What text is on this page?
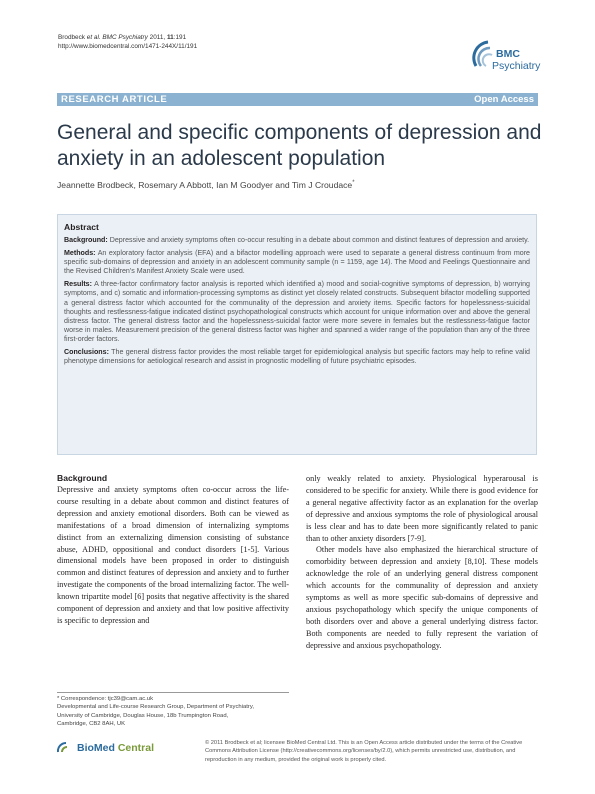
Brodbeck et al. BMC Psychiatry 2011, 11:191
http://www.biomedcentral.com/1471-244X/11/191
BMC
Psychiatry
RESEARCH ARTICLE	Open Access
General and specific components of depression and anxiety in an adolescent population
Jeannette Brodbeck, Rosemary A Abbott, Ian M Goodyer and Tim J Croudace*
Abstract

Background: Depressive and anxiety symptoms often co-occur resulting in a debate about common and distinct features of depression and anxiety.

Methods: An exploratory factor analysis (EFA) and a bifactor modelling approach were used to separate a general distress continuum from more specific sub-domains of depression and anxiety in an adolescent community sample (n = 1159, age 14). The Mood and Feelings Questionnaire and the Revised Children's Manifest Anxiety Scale were used.

Results: A three-factor confirmatory factor analysis is reported which identified a) mood and social-cognitive symptoms of depression, b) worrying symptoms, and c) somatic and information-processing symptoms as distinct yet closely related constructs. Subsequent bifactor modelling supported a general distress factor which accounted for the communality of the depression and anxiety items. Specific factors for hopelessness-suicidal thoughts and restlessness-fatigue indicated distinct psychopathological constructs which account for unique information over and above the general distress factor. The general distress factor and the hopelessness-suicidal factor were more severe in females but the restlessness-fatigue factor worse in males. Measurement precision of the general distress factor was higher and spanned a wider range of the population than any of the three first-order factors.

Conclusions: The general distress factor provides the most reliable target for epidemiological analysis but specific factors may help to refine valid phenotype dimensions for aetiological research and assist in prognostic modelling of future psychiatric episodes.

Background

Depressive and anxiety symptoms often co-occur across the life-course resulting in a debate about common and distinct features of depression and anxiety emotional disorders. Both can be viewed as manifestations of a broad dimension of internalizing symptoms distinct from an externalizing dimension consisting of substance abuse, ADHD, oppositional and conduct disorders [1-5]. Various dimensional models have been proposed in order to distinguish common and distinct features of depression and anxiety and to further investigate the components of the broad internalizing factor. The well-known tripartite model [6] posits that negative affectivity is the shared component of depression and anxiety and that low positive affectivity is specific to depression and

only weakly related to anxiety. Physiological hyperarousal is considered to be specific for anxiety. While there is good evidence for a general negative affectivity factor as an explanation for the overlap of depressive and anxious symptoms the role of physiological arousal is less clear and has to date been more significantly related to panic than to other anxiety disorders [7-9].

Other models have also emphasized the hierarchical structure of comorbidity between depression and anxiety [8,10]. These models acknowledge the role of an underlying general distress component which accounts for the communality of depression and anxiety symptoms as well as more specific sub-domains of depressive and anxious psychopathology which specify the unique components of both disorders over and above a general underlying distress factor. Both components are needed to fully represent the variation of depressive and anxious psychopathology.

* Correspondence: tjc39@cam.ac.uk
Developmental and Life-course Research Group, Department of Psychiatry,
University of Cambridge, Douglas House, 18b Trumpington Road,
Cambridge, CB2 8AH, UK
BioMed Central	© 2011 Brodbeck et al; licensee BioMed Central Ltd. This is an Open Access article distributed under the terms of the Creative Commons Attribution License (http://creativecommons.org/licenses/by/2.0), which permits unrestricted use, distribution, and reproduction in any medium, provided the original work is properly cited.
